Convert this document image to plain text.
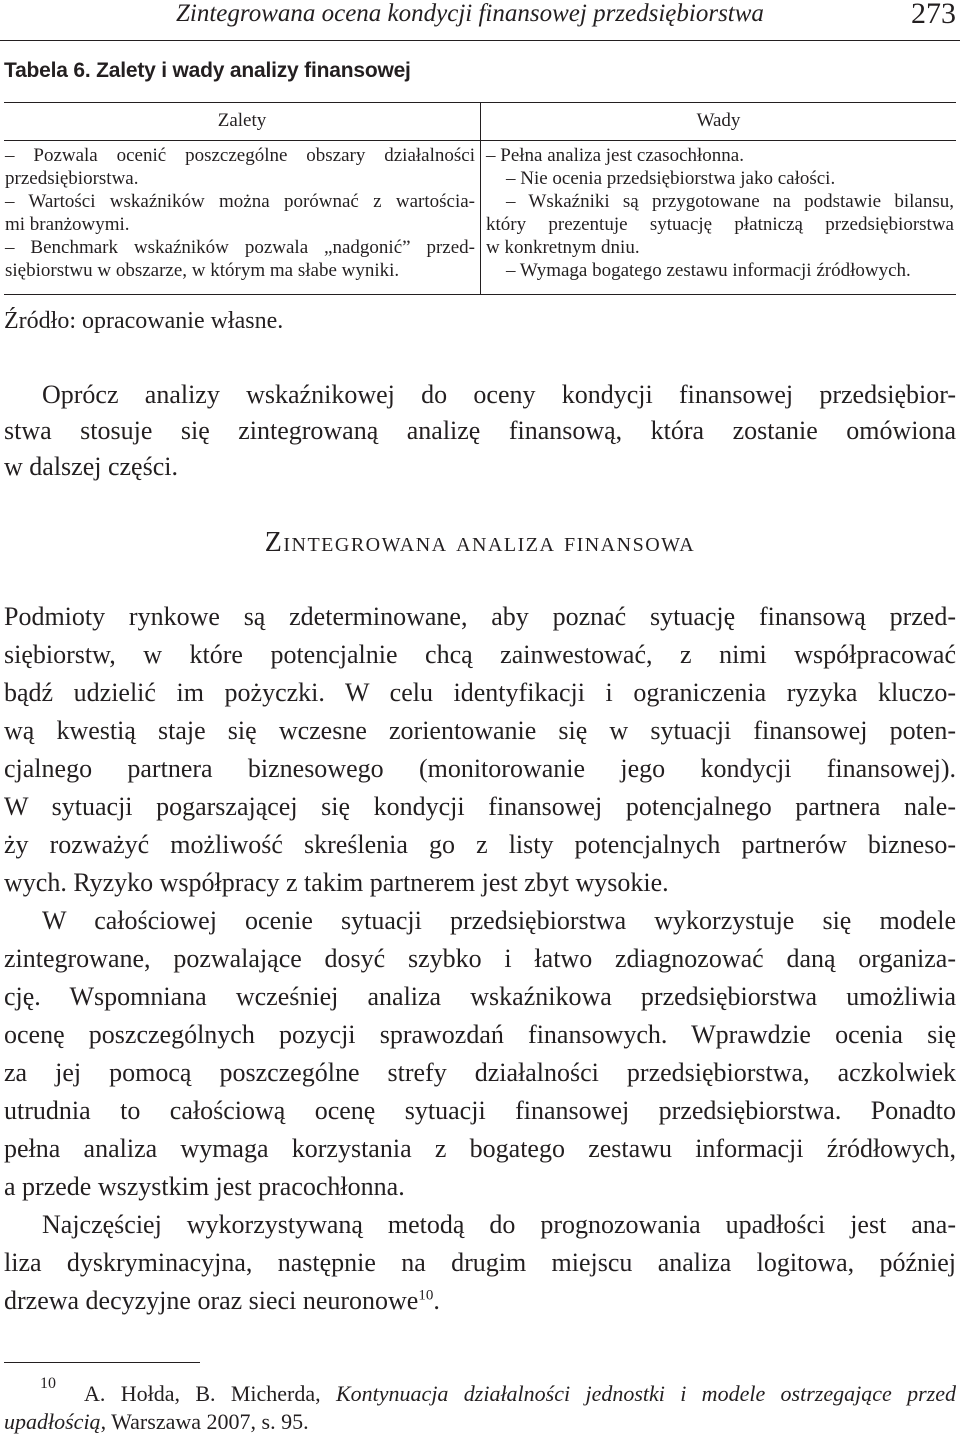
Zintegrowana ocena kondycji finansowej przedsiębiorstwa	273
Tabela 6. Zalety i wady analizy finansowej
Zalety	Wady
– Pozwala ocenić poszczególne obszary działalności
przedsiębiorstwa.
– Wartości wskaźników można porównać z wartościa-
mi branżowymi.
– Benchmark wskaźników pozwala „nadgonić” przed-
siębiorstwu w obszarze, w którym ma słabe wyniki.
– Pełna analiza jest czasochłonna.
– Nie ocenia przedsiębiorstwa jako całości.
– Wskaźniki są przygotowane na podstawie bilansu,
który prezentuje sytuację płatniczą przedsiębiorstwa
w konkretnym dniu.
– Wymaga bogatego zestawu informacji źródłowych.
Źródło: opracowanie własne.
Oprócz analizy wskaźnikowej do oceny kondycji finansowej przedsiębior-
stwa stosuje się zintegrowaną analizę finansową, która zostanie omówiona
w dalszej części.
Zintegrowana analiza finansowa
Podmioty rynkowe są zdeterminowane, aby poznać sytuację finansową przed-
siębiorstw, w które potencjalnie chcą zainwestować, z nimi współpracować
bądź udzielić im pożyczki. W celu identyfikacji i ograniczenia ryzyka kluczo-
wą kwestią staje się wczesne zorientowanie się w sytuacji finansowej poten-
cjalnego partnera biznesowego (monitorowanie jego kondycji finansowej).
W sytuacji pogarszającej się kondycji finansowej potencjalnego partnera nale-
ży rozważyć możliwość skreślenia go z listy potencjalnych partnerów bizneso-
wych. Ryzyko współpracy z takim partnerem jest zbyt wysokie.
W całościowej ocenie sytuacji przedsiębiorstwa wykorzystuje się modele
zintegrowane, pozwalające dosyć szybko i łatwo zdiagnozować daną organiza-
cję. Wspomniana wcześniej analiza wskaźnikowa przedsiębiorstwa umożliwia
ocenę poszczególnych pozycji sprawozdań finansowych. Wprawdzie ocenia się
za jej pomocą poszczególne strefy działalności przedsiębiorstwa, aczkolwiek
utrudnia to całościową ocenę sytuacji finansowej przedsiębiorstwa. Ponadto
pełna analiza wymaga korzystania z bogatego zestawu informacji źródłowych,
a przede wszystkim jest pracochłonna.
Najczęściej wykorzystywaną metodą do prognozowania upadłości jest ana-
liza dyskryminacyjna, następnie na drugim miejscu analiza logitowa, później
drzewa decyzyjne oraz sieci neuronowe$^{10}$.
10 A. Hołda, B. Micherda, Kontynuacja działalności jednostki i modele ostrzegające przed
upadłością, Warszawa 2007, s. 95.
